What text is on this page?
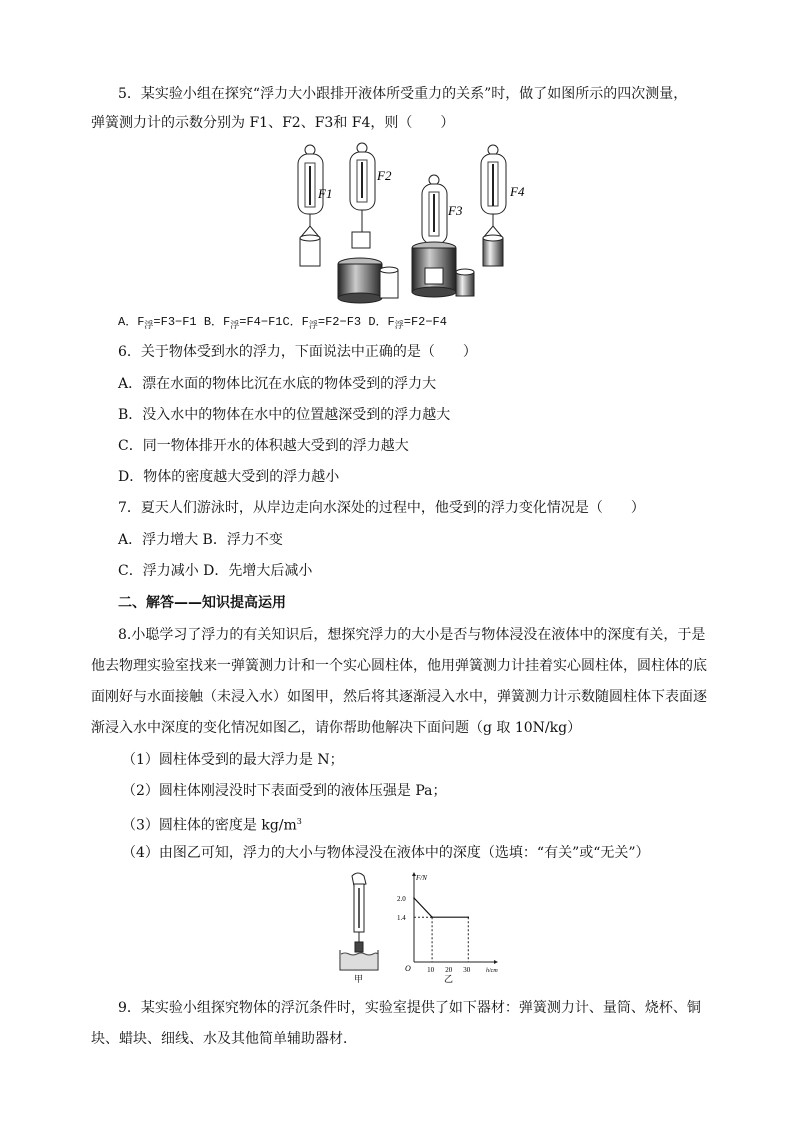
5．某实验小组在探究“浮力大小跟排开液体所受重力的关系”时，做了如图所示的四次测量，
弹簧测力计的示数分别为 F1、F2、F3和 F4，则（　　）
F1
F2
F3
F4
A．$F_浮=F3-F1$ B．$F_浮=F4-F1C$．$F_浮=F2-F3$ D．$F_浮=F2-F4$
6．关于物体受到水的浮力，下面说法中正确的是（　　）
A．漂在水面的物体比沉在水底的物体受到的浮力大
B．没入水中的物体在水中的位置越深受到的浮力越大
C．同一物体排开水的体积越大受到的浮力越大
D．物体的密度越大受到的浮力越小
7．夏天人们游泳时，从岸边走向水深处的过程中，他受到的浮力变化情况是（　　）
A．浮力增大 B．浮力不变
C．浮力减小 D．先增大后减小
二、解答——知识提高运用
8.小聪学习了浮力的有关知识后，想探究浮力的大小是否与物体浸没在液体中的深度有关，于是
他去物理实验室找来一弹簧测力计和一个实心圆柱体，他用弹簧测力计挂着实心圆柱体，圆柱体的底
面刚好与水面接触（未浸入水）如图甲，然后将其逐渐浸入水中，弹簧测力计示数随圆柱体下表面逐
渐浸入水中深度的变化情况如图乙，请你帮助他解决下面问题（g 取 10N/kg）
（1）圆柱体受到的最大浮力是 N；
（2）圆柱体刚浸没时下表面受到的液体压强是 Pa；
（3）圆柱体的密度是 $kg/m^3$
（4）由图乙可知，浮力的大小与物体浸没在液体中的深度（选填：“有关”或“无关”）
甲
F/N
h/cm
O
1.4
2.0
10 20 30
乙
9．某实验小组探究物体的浮沉条件时，实验室提供了如下器材：弹簧测力计、量筒、烧杯、铜
块、蜡块、细线、水及其他简单辅助器材．
